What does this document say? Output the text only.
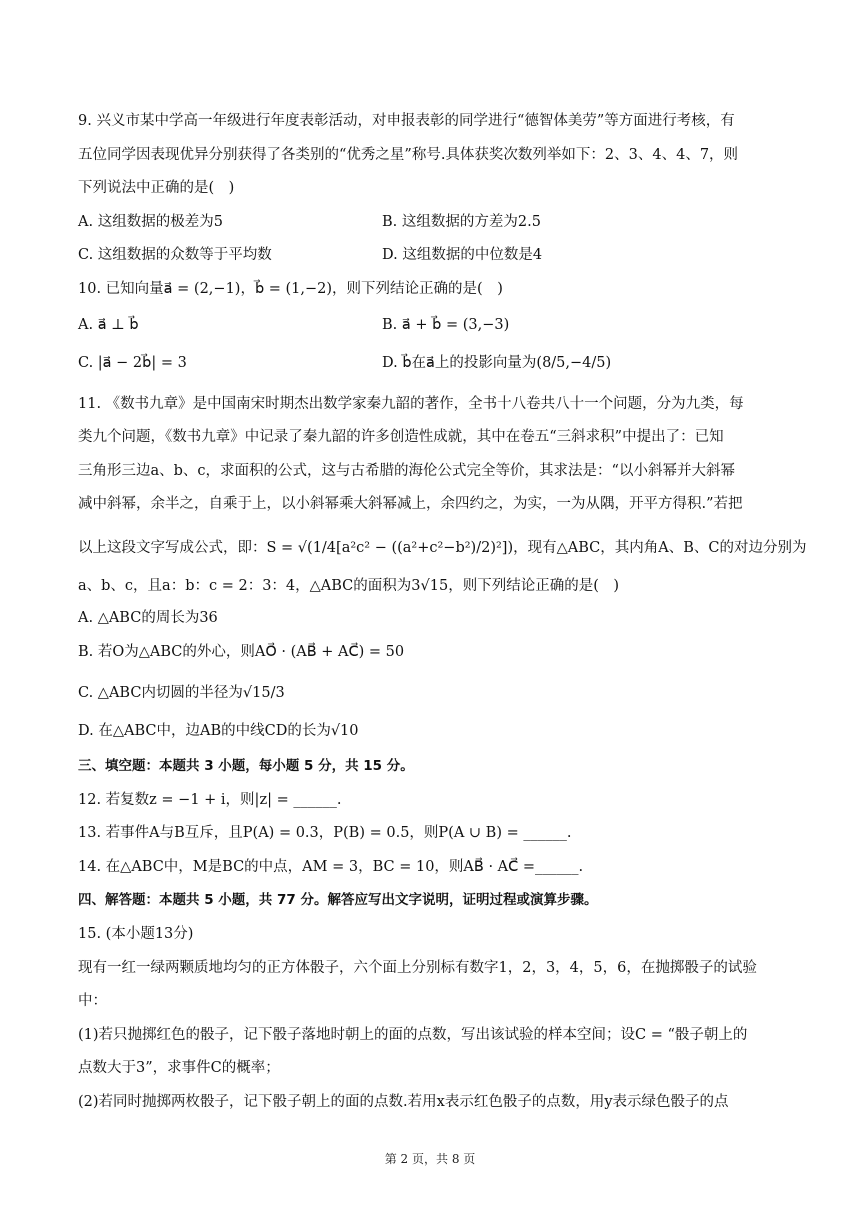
9. 兴义市某中学高一年级进行年度表彰活动，对申报表彰的同学进行“德智体美劳”等方面进行考核，有
五位同学因表现优异分别获得了各类别的“优秀之星”称号.具体获奖次数列举如下：2、3、4、4、7，则
下列说法中正确的是(　)
A. 这组数据的极差为5	B. 这组数据的方差为2.5
C. 这组数据的众数等于平均数	D. 这组数据的中位数是4
10. 已知向量a⃗ = (2,−1)，b⃗ = (1,−2)，则下列结论正确的是(　)
A. a⃗ ⊥ b⃗	B. a⃗ + b⃗ = (3,−3)
C. |a⃗ − 2b⃗| = 3	D. b⃗在a⃗上的投影向量为(8/5,−4/5)
11. 《数书九章》是中国南宋时期杰出数学家秦九韶的著作，全书十八卷共八十一个问题，分为九类，每
类九个问题，《数书九章》中记录了秦九韶的许多创造性成就，其中在卷五“三斜求积”中提出了：已知
三角形三边a、b、c，求面积的公式，这与古希腊的海伦公式完全等价，其求法是：“以小斜幂并大斜幂
减中斜幂，余半之，自乘于上，以小斜幂乘大斜幂减上，余四约之，为实，一为从隅，开平方得积.”若把
以上这段文字写成公式，即：S = √(1/4[a²c² − ((a²+c²−b²)/2)²])，现有△ABC，其内角A、B、C的对边分别为
a、b、c，且a：b：c = 2：3：4，△ABC的面积为3√15，则下列结论正确的是(　)
A. △ABC的周长为36
B. 若O为△ABC的外心，则AO⃗ · (AB⃗ + AC⃗) = 50
C. △ABC内切圆的半径为√15/3
D. 在△ABC中，边AB的中线CD的长为√10
三、填空题：本题共 3 小题，每小题 5 分，共 15 分。
12. 若复数z = −1 + i，则|z| = ______.
13. 若事件A与B互斥，且P(A) = 0.3，P(B) = 0.5，则P(A ∪ B) = ______.
14. 在△ABC中，M是BC的中点，AM = 3，BC = 10，则AB⃗ · AC⃗ =______.
四、解答题：本题共 5 小题，共 77 分。解答应写出文字说明，证明过程或演算步骤。
15. (本小题13分)
现有一红一绿两颗质地均匀的正方体骰子，六个面上分别标有数字1，2，3，4，5，6，在抛掷骰子的试验
中：
(1)若只抛掷红色的骰子，记下骰子落地时朝上的面的点数，写出该试验的样本空间；设C = “骰子朝上的
点数大于3”，求事件C的概率；
(2)若同时抛掷两枚骰子，记下骰子朝上的面的点数.若用x表示红色骰子的点数，用y表示绿色骰子的点
第 2 页，共 8 页
